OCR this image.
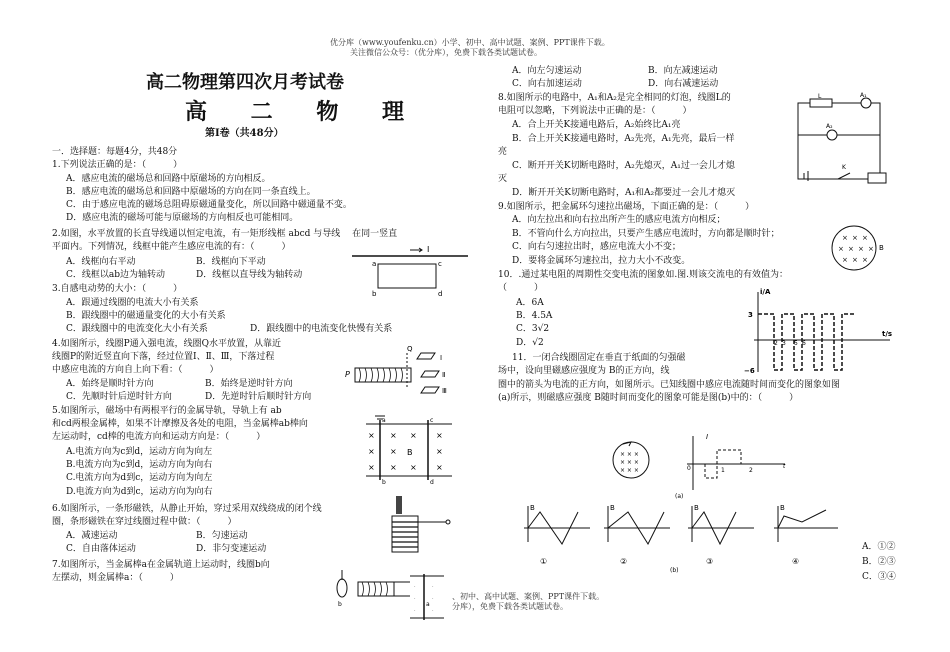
优分库（www.youfenku.cn）小学、初中、高中试题、案例、PPT课件下载。
关注微信公众号：（优分库），免费下载各类试题试卷。
高二物理第四次月考试卷
高 二 物 理
第Ⅰ卷（共48分）
一．选择题：每题4分，共48分
1.下列说法正确的是：（　　　）
A．感应电流的磁场总和回路中原磁场的方向相反。
B．感应电流的磁场总和回路中原磁场的方向在同一条直线上。
C．由于感应电流的磁场总阻碍原磁通量变化，所以回路中磁通量不变。
D．感应电流的磁场可能与原磁场的方向相反也可能相同。
2.如图，水平放置的长直导线通以恒定电流，有一矩形线框 abcd 与导线　 在同一竖直
平面内。下列情况，线框中能产生感应电流的有：（　　　）
A．线框向右平动	B．线框向下平动
C．线框以ab边为轴转动	D．线框以直导线为轴转动
I
a	c
b	d
3.自感电动势的大小：（　　　）
A．跟通过线圈的电流大小有关系
B．跟线圈中的磁通量变化的大小有关系
C．跟线圈中的电流变化大小有关系	D．跟线圈中的电流变化快慢有关系
4.如图所示，线圈P通入强电流，线圈Q水平放置，从靠近
线圈P的附近竖直向下落，经过位置Ⅰ、Ⅱ、Ⅲ，下落过程
中感应电流的方向自上向下看：（　　　）
A．始终是顺时针方向	B．始终是逆时针方向
C．先顺时针后逆时针方向	D．先逆时针后顺时针方向
Q
Ⅰ
Ⅱ
Ⅲ
P
5.如图所示，磁场中有两根平行的金属导轨，导轨上有 ab
和cd两根金属棒，如果不计摩擦及各处的电阻，当金属棒ab棒向
左运动时，cd棒的电流方向和运动方向是：（　　　）
A.电流方向为c到d，运动方向为向左
B.电流方向为c到d，运动方向为向右
C.电流方向为d到c，运动方向为向左
D.电流方向为d到c，运动方向为向右
× × × ×
× ×	×
× × × ×
B
a
b
c
d
6.如图所示，一条形磁铁，从静止开始，穿过采用双线绕成的闭个线
圈，条形磁铁在穿过线圈过程中做：（　　　）
A．减速运动	B．匀速运动
C．自由落体运动	D．非匀变速运动
7.如图所示，当金属棒a在金属轨道上运动时，线圈b向
左摆动，则金属棒a：（　　　）
b	a
·	·
·	·
·	·
、初中、高中试题、案例、PPT课件下载。
分库），免费下载各类试题试卷。
A．向左匀速运动	B．向左减速运动
C．向右加速运动	D．向右减速运动
8.如图所示的电路中，A₁和A₂是完全相同的灯泡，线圈L的
电阻可以忽略，下列说法中正确的是：（　　　）
A．合上开关K接通电路后，A₂始终比A₁亮
B．合上开关K接通电路时，A₂先亮，A₁先亮，最后一样
亮
C．断开开关K切断电路时，A₂先熄灭，A₁过一会儿才熄
灭
D．断开开关K切断电路时，A₁和A₂都要过一会儿才熄灭
L	A₁
A₂
K
9.如图所示，把金属环匀速拉出磁场，下面正确的是：（　　　）
A．向左拉出和向右拉出所产生的感应电流方向相反；
B．不管向什么方向拉出，只要产生感应电流时，方向都是顺时针；
C．向右匀速拉出时，感应电流大小不变；
D．要将金属环匀速拉出，拉力大小不改变。
× × ×
× × × ×
× × ×
B
10．.通过某电阻的周期性交变电流的图象如.图.则该交流电的有效值为：
（　　　）
A．6A
B．4.5A
C．3√2
D．√2
i/A
t/s
3
−6
2 3 5 6
11．一闭合线圈固定在垂直于纸面的匀强磁
场中，设向里磁感应强度为 B的正方向，线
圈中的箭头为电流的正方向，如图所示。已知线圈中感应电流随时间而变化的图象如图
(a)所示，则磁感应强度 B随时间而变化的图象可能是图(b)中的：（　　　）
A．①②
B．②③
C．③④
× × ×
× × ×
× × ×
I
0	t
1	2
(a)
B
①
B
②
B
③
B
④
(b)
